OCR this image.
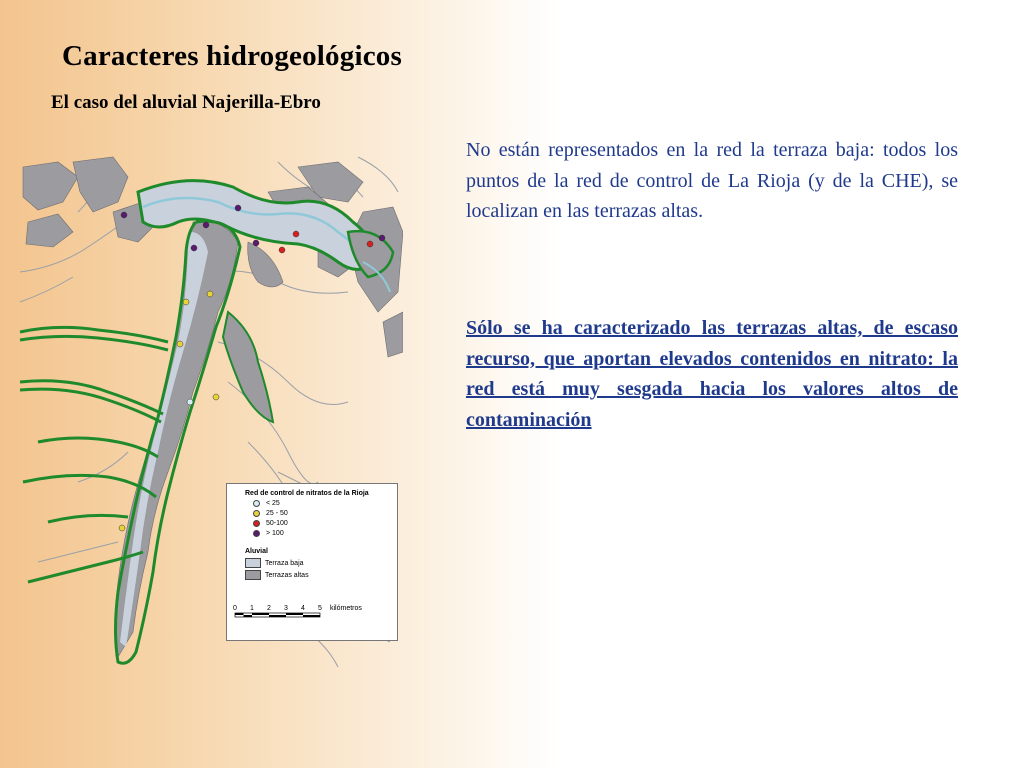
Caracteres hidrogeológicos
El caso del aluvial Najerilla-Ebro
Red de control de nitratos de la Rioja
< 25
25 - 50
50-100
> 100
Aluvial
Terraza baja
Terrazas altas
0 1 2 3 4 5 kilómetros
No están representados en la red la terraza baja: todos los puntos de la red de control de La Rioja (y de la CHE), se localizan en las terrazas altas.
Sólo se ha caracterizado las terrazas altas, de escaso recurso, que aportan elevados contenidos en nitrato: la red está muy sesgada hacia los valores altos de contaminación
